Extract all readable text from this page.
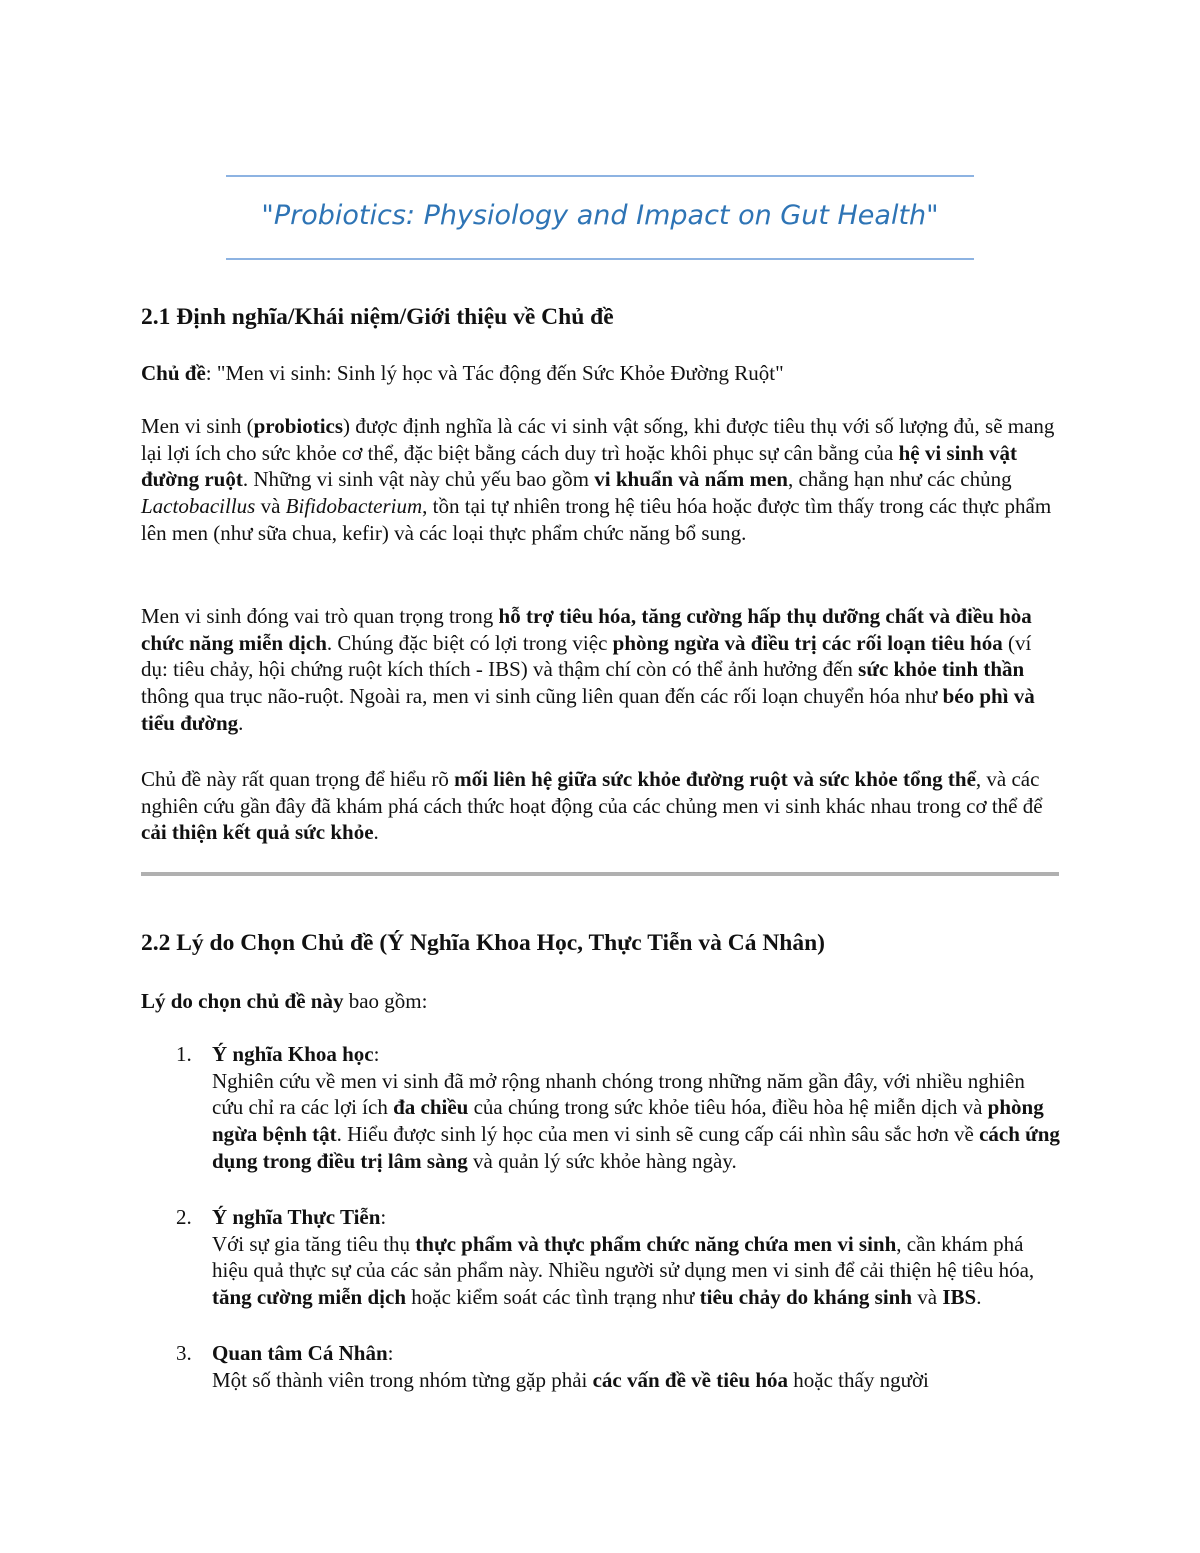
"Probiotics: Physiology and Impact on Gut Health"
2.1 Định nghĩa/Khái niệm/Giới thiệu về Chủ đề
Chủ đề: "Men vi sinh: Sinh lý học và Tác động đến Sức Khỏe Đường Ruột"
Men vi sinh (probiotics) được định nghĩa là các vi sinh vật sống, khi được tiêu thụ với số lượng đủ, sẽ mang lại lợi ích cho sức khỏe cơ thể, đặc biệt bằng cách duy trì hoặc khôi phục sự cân bằng của hệ vi sinh vật đường ruột. Những vi sinh vật này chủ yếu bao gồm vi khuẩn và nấm men, chẳng hạn như các chủng Lactobacillus và Bifidobacterium, tồn tại tự nhiên trong hệ tiêu hóa hoặc được tìm thấy trong các thực phẩm lên men (như sữa chua, kefir) và các loại thực phẩm chức năng bổ sung.
Men vi sinh đóng vai trò quan trọng trong hỗ trợ tiêu hóa, tăng cường hấp thụ dưỡng chất và điều hòa chức năng miễn dịch. Chúng đặc biệt có lợi trong việc phòng ngừa và điều trị các rối loạn tiêu hóa (ví dụ: tiêu chảy, hội chứng ruột kích thích - IBS) và thậm chí còn có thể ảnh hưởng đến sức khỏe tinh thần thông qua trục não-ruột. Ngoài ra, men vi sinh cũng liên quan đến các rối loạn chuyển hóa như béo phì và tiểu đường.
Chủ đề này rất quan trọng để hiểu rõ mối liên hệ giữa sức khỏe đường ruột và sức khỏe tổng thể, và các nghiên cứu gần đây đã khám phá cách thức hoạt động của các chủng men vi sinh khác nhau trong cơ thể để cải thiện kết quả sức khỏe.
2.2 Lý do Chọn Chủ đề (Ý Nghĩa Khoa Học, Thực Tiễn và Cá Nhân)
Lý do chọn chủ đề này bao gồm:
1. Ý nghĩa Khoa học:
Nghiên cứu về men vi sinh đã mở rộng nhanh chóng trong những năm gần đây, với nhiều nghiên cứu chỉ ra các lợi ích đa chiều của chúng trong sức khỏe tiêu hóa, điều hòa hệ miễn dịch và phòng ngừa bệnh tật. Hiểu được sinh lý học của men vi sinh sẽ cung cấp cái nhìn sâu sắc hơn về cách ứng dụng trong điều trị lâm sàng và quản lý sức khỏe hàng ngày.
2. Ý nghĩa Thực Tiễn:
Với sự gia tăng tiêu thụ thực phẩm và thực phẩm chức năng chứa men vi sinh, cần khám phá hiệu quả thực sự của các sản phẩm này. Nhiều người sử dụng men vi sinh để cải thiện hệ tiêu hóa, tăng cường miễn dịch hoặc kiểm soát các tình trạng như tiêu chảy do kháng sinh và IBS.
3. Quan tâm Cá Nhân:
Một số thành viên trong nhóm từng gặp phải các vấn đề về tiêu hóa hoặc thấy người
